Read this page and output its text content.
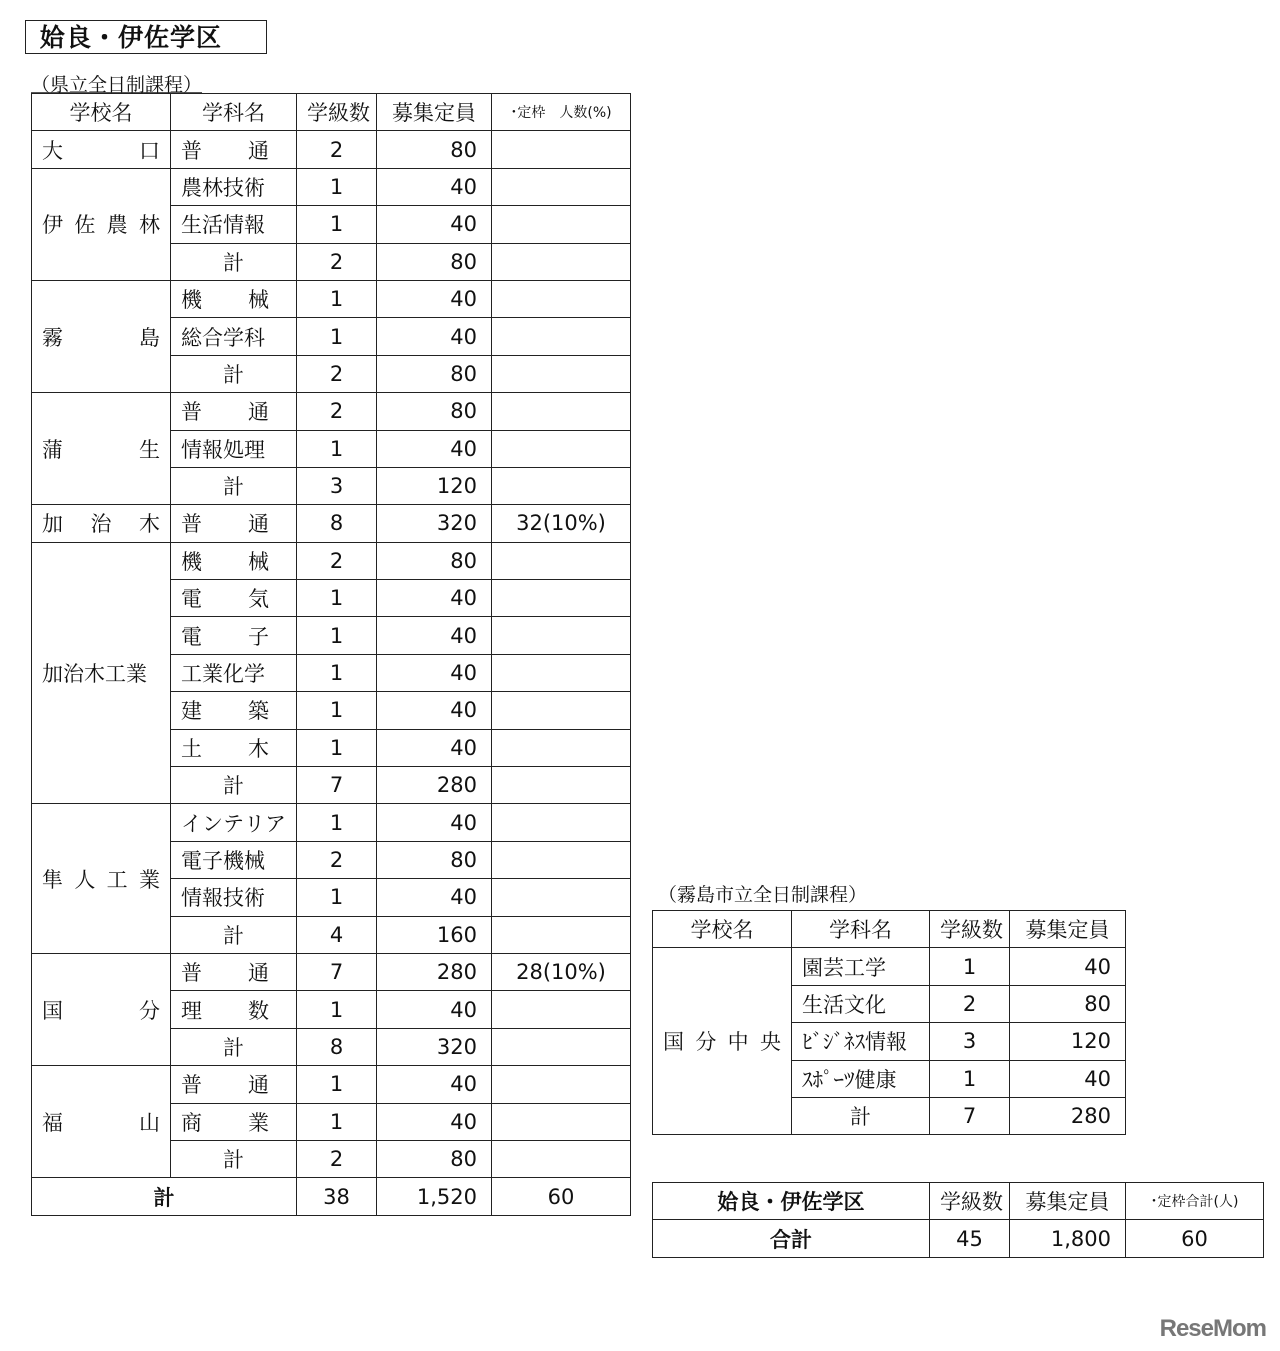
姶良・伊佐学区
（県立全日制課程）
学校名	学科名	学級数	募集定員	･定枠　人数(%)
大口	普通	2	80	
伊佐農林	農林技術	1	40	
	生活情報	1	40	
	計	2	80	
霧島	機械	1	40	
	総合学科	1	40	
	計	2	80	
蒲生	普通	2	80	
	情報処理	1	40	
	計	3	120	
加治木	普通	8	320	32(10%)
加治木工業	機械	2	80	

	電気	1	40	

	電子	1	40	
	工業化学	1	40	

	建築	1	40	

	土木	1	40	
	計	7	280	
隼人工業	インテリア	1	40	
	電子機械	2	80	
	情報技術	1	40	
	計	4	160	
国分	普通	7	280	28(10%)

	理数	1	40	
	計	8	320	
福山	普通	1	40	

	商業	1	40	
	計	2	80	
計		38	1,520	60
（霧島市立全日制課程）
学校名	学科名	学級数	募集定員
国分中央	園芸工学	1	40
	生活文化	2	80
	ﾋﾞｼﾞﾈｽ情報	3	120
	ｽﾎﾟｰﾂ健康	1	40
	計	7	280
姶良・伊佐学区	学級数	募集定員	･定枠合計(人)
合計	45	1,800	60
ReseMom
